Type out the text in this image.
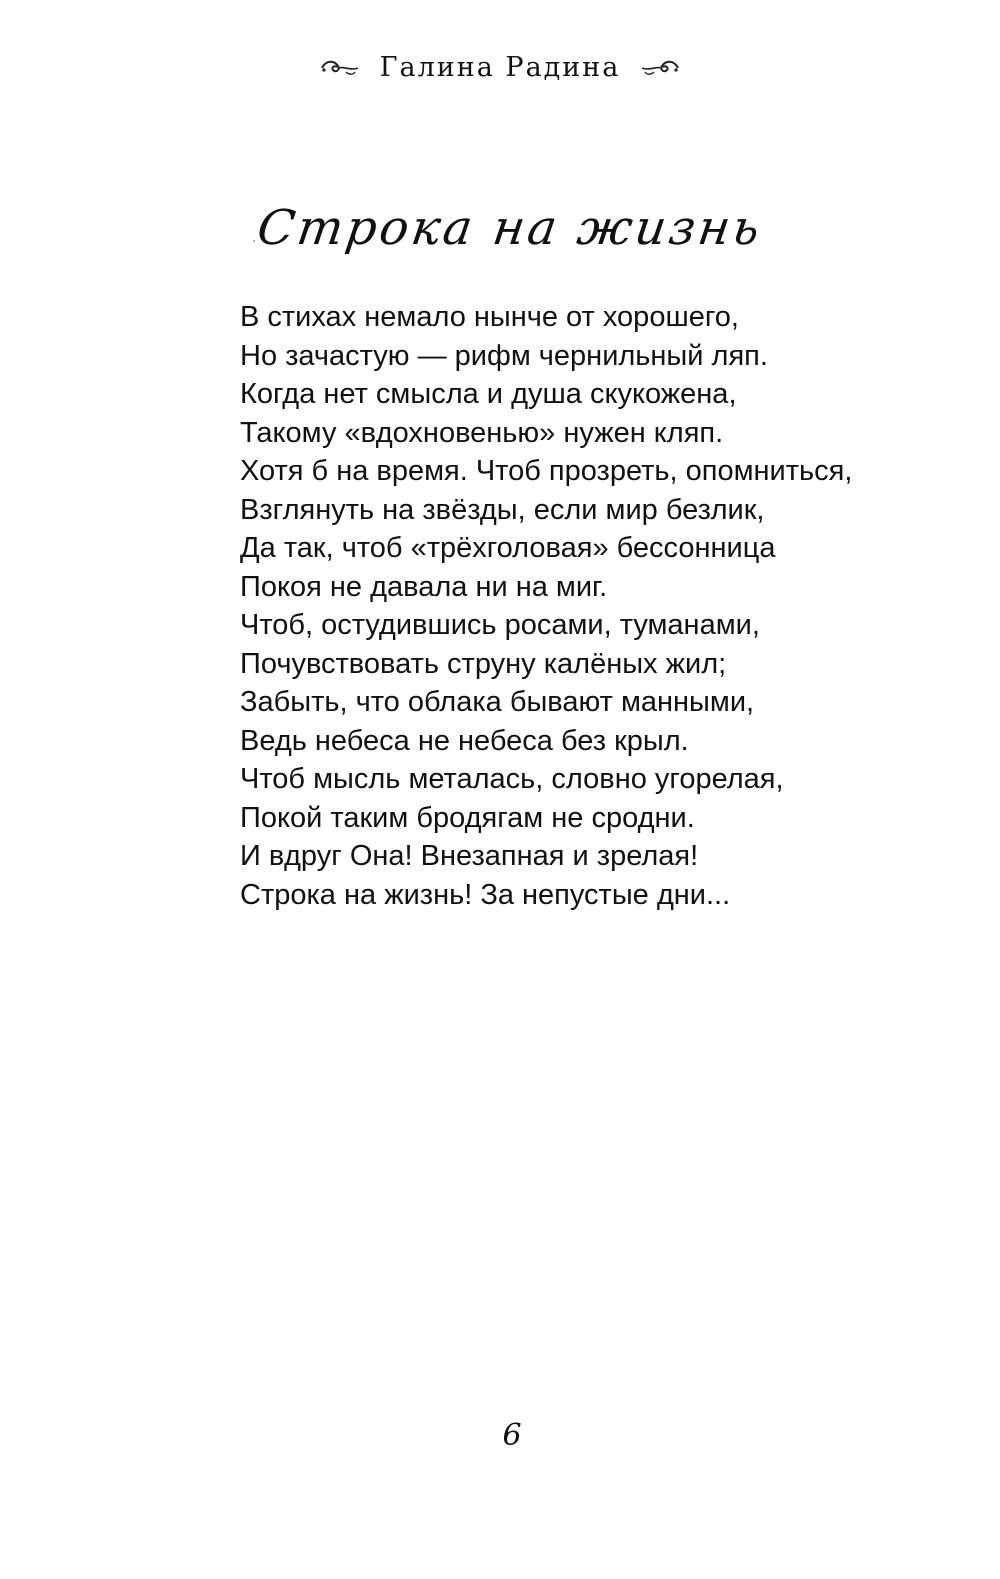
Галина Радина
Строка на жизнь
В стихах немало нынче от хорошего,
Но зачастую — рифм чернильный ляп.
Когда нет смысла и душа скукожена,
Такому «вдохновенью» нужен кляп.
Хотя б на время. Чтоб прозреть, опомниться,
Взглянуть на звёзды, если мир безлик,
Да так, чтоб «трёхголовая» бессонница
Покоя не давала ни на миг.
Чтоб, остудившись росами, туманами,
Почувствовать струну калёных жил;
Забыть, что облака бывают манными,
Ведь небеса не небеса без крыл.
Чтоб мысль металась, словно угорелая,
Покой таким бродягам не сродни.
И вдруг Она! Внезапная и зрелая!
Строка на жизнь! За непустые дни...
6
